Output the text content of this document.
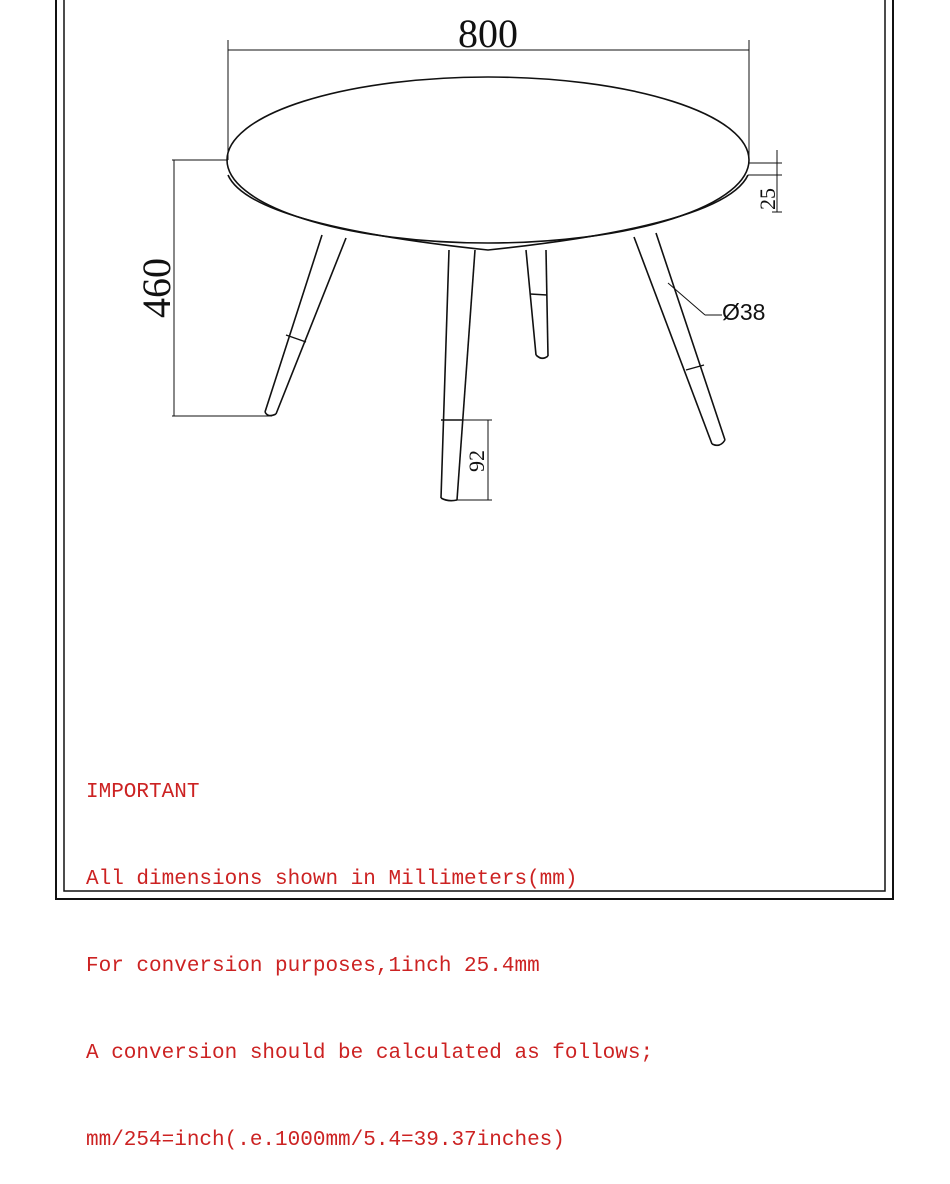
800
460
25
Ø38
92

IMPORTANT

All dimensions shown in Millimeters(mm)

For conversion purposes,1inch 25.4mm

A conversion should be calculated as follows;

mm/254=inch(.e.1000mm/5.4=39.37inches)
